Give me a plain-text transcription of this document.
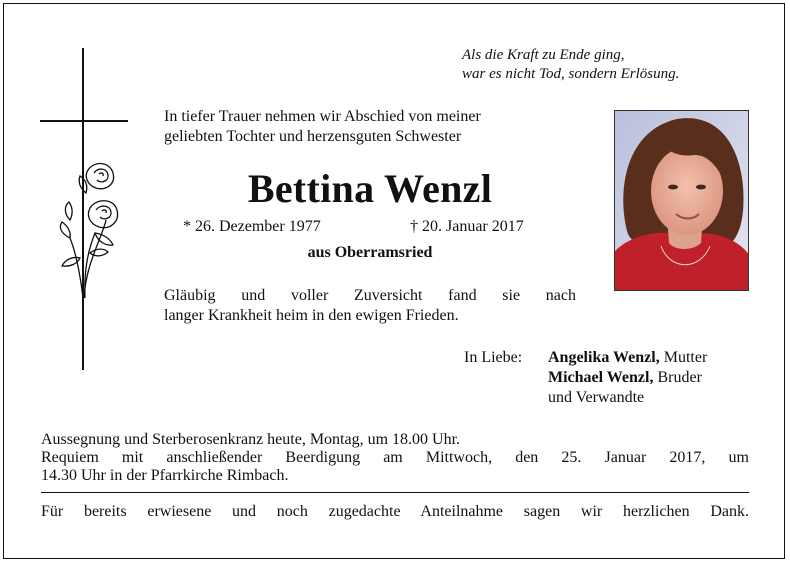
Als die Kraft zu Ende ging,
war es nicht Tod, sondern Erlösung.
In tiefer Trauer nehmen wir Abschied von meiner
geliebten Tochter und herzensguten Schwester
Bettina Wenzl
* 26. Dezember 1977	† 20. Januar 2017
aus Oberramsried
Gläubig und voller Zuversicht fand sie nach
langer Krankheit heim in den ewigen Frieden.
In Liebe: Angelika Wenzl, Mutter
Michael Wenzl, Bruder
und Verwandte
Aussegnung und Sterberosenkranz heute, Montag, um 18.00 Uhr.
Requiem mit anschließender Beerdigung am Mittwoch, den 25. Januar 2017, um
14.30 Uhr in der Pfarrkirche Rimbach.
Für bereits erwiesene und noch zugedachte Anteilnahme sagen wir herzlichen Dank.
